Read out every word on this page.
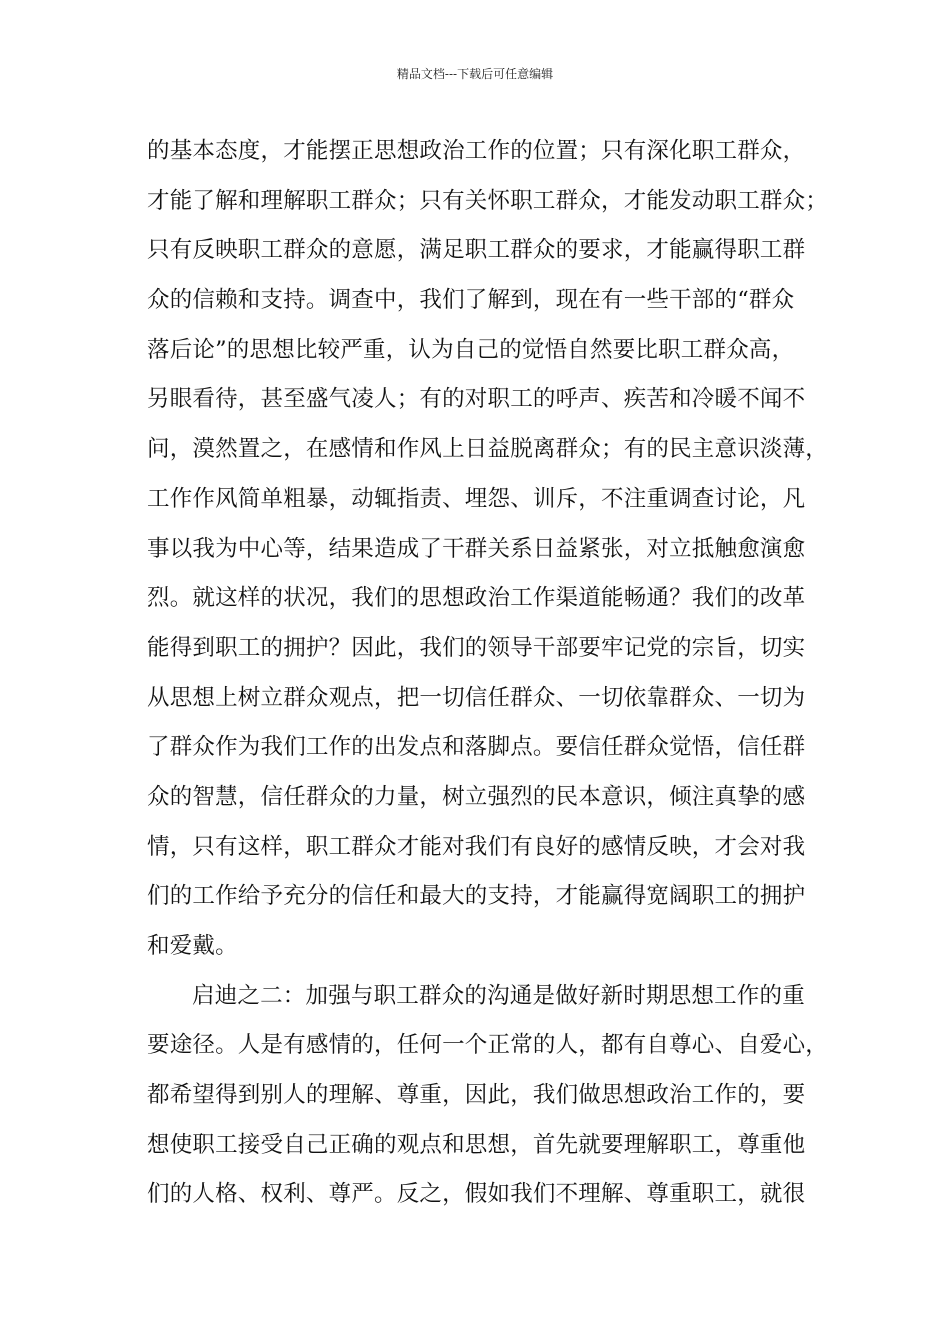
精品文档---下载后可任意编辑
的基本态度，才能摆正思想政治工作的位置；只有深化职工群众，
才能了解和理解职工群众；只有关怀职工群众，才能发动职工群众；
只有反映职工群众的意愿，满足职工群众的要求，才能赢得职工群
众的信赖和支持。调查中，我们了解到，现在有一些干部的“群众
落后论”的思想比较严重，认为自己的觉悟自然要比职工群众高，
另眼看待，甚至盛气凌人；有的对职工的呼声、疾苦和冷暖不闻不
问，漠然置之，在感情和作风上日益脱离群众；有的民主意识淡薄，
工作作风简单粗暴，动辄指责、埋怨、训斥，不注重调查讨论，凡
事以我为中心等，结果造成了干群关系日益紧张，对立抵触愈演愈
烈。就这样的状况，我们的思想政治工作渠道能畅通？我们的改革
能得到职工的拥护？因此，我们的领导干部要牢记党的宗旨，切实
从思想上树立群众观点，把一切信任群众、一切依靠群众、一切为
了群众作为我们工作的出发点和落脚点。要信任群众觉悟，信任群
众的智慧，信任群众的力量，树立强烈的民本意识，倾注真挚的感
情，只有这样，职工群众才能对我们有良好的感情反映，才会对我
们的工作给予充分的信任和最大的支持，才能赢得宽阔职工的拥护
和爱戴。
启迪之二：加强与职工群众的沟通是做好新时期思想工作的重
要途径。人是有感情的，任何一个正常的人，都有自尊心、自爱心，
都希望得到别人的理解、尊重，因此，我们做思想政治工作的，要
想使职工接受自己正确的观点和思想，首先就要理解职工，尊重他
们的人格、权利、尊严。反之，假如我们不理解、尊重职工，就很
